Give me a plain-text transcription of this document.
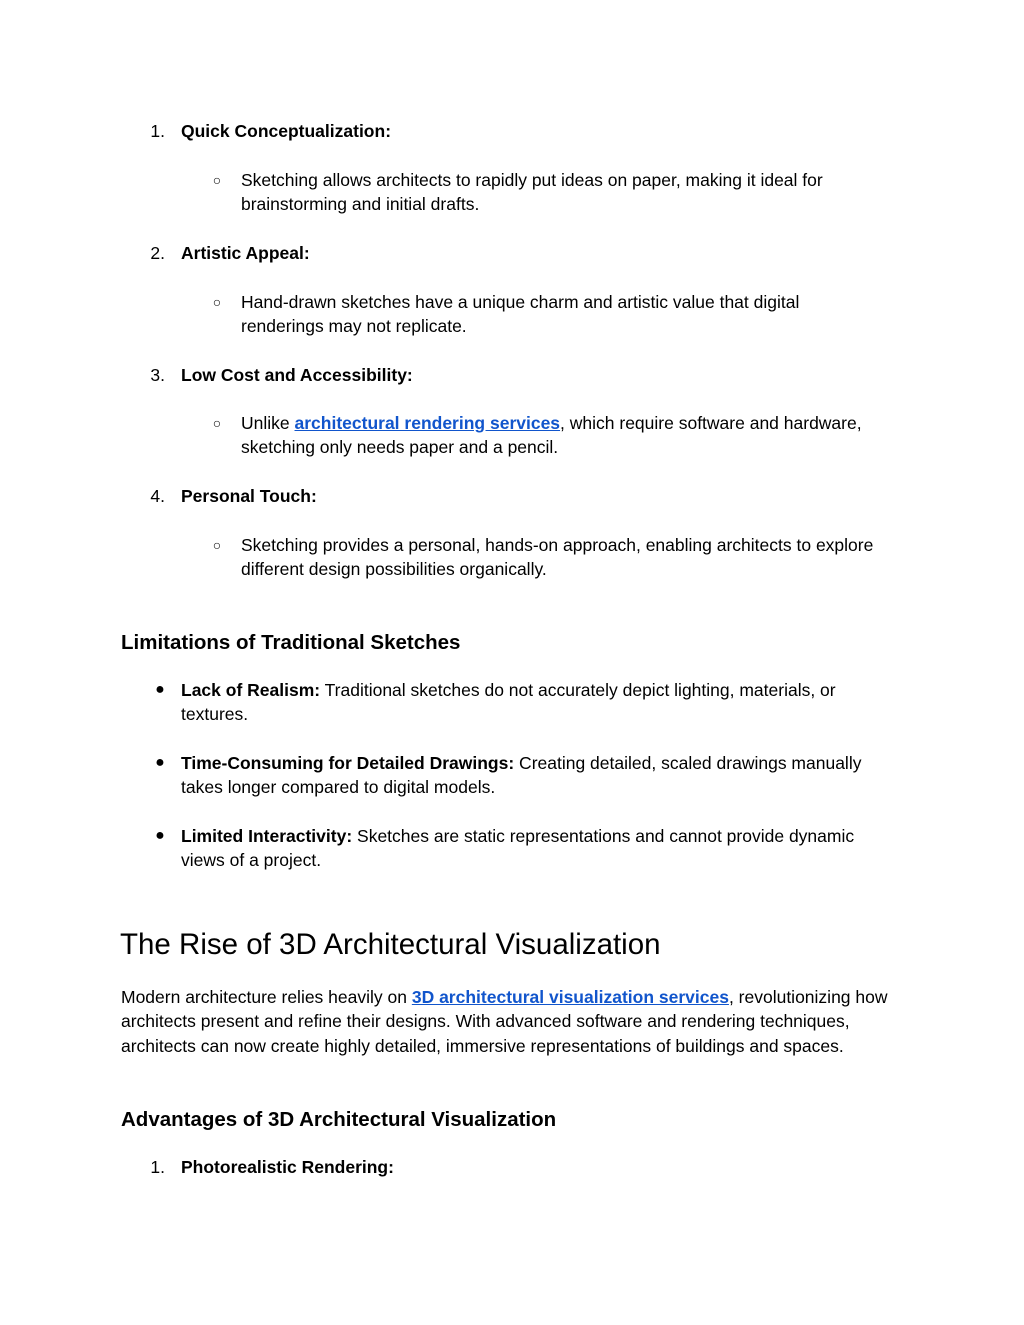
1. Quick Conceptualization:
○	Sketching allows architects to rapidly put ideas on paper, making it ideal for brainstorming and initial drafts.
2. Artistic Appeal:
○	Hand-drawn sketches have a unique charm and artistic value that digital renderings may not replicate.
3. Low Cost and Accessibility:
○	Unlike architectural rendering services, which require software and hardware, sketching only needs paper and a pencil.
4. Personal Touch:
○	Sketching provides a personal, hands-on approach, enabling architects to explore different design possibilities organically.
Limitations of Traditional Sketches
● Lack of Realism: Traditional sketches do not accurately depict lighting, materials, or textures.
● Time-Consuming for Detailed Drawings: Creating detailed, scaled drawings manually takes longer compared to digital models.
● Limited Interactivity: Sketches are static representations and cannot provide dynamic views of a project.
The Rise of 3D Architectural Visualization
Modern architecture relies heavily on 3D architectural visualization services, revolutionizing how architects present and refine their designs. With advanced software and rendering techniques, architects can now create highly detailed, immersive representations of buildings and spaces.
Advantages of 3D Architectural Visualization
1. Photorealistic Rendering:
